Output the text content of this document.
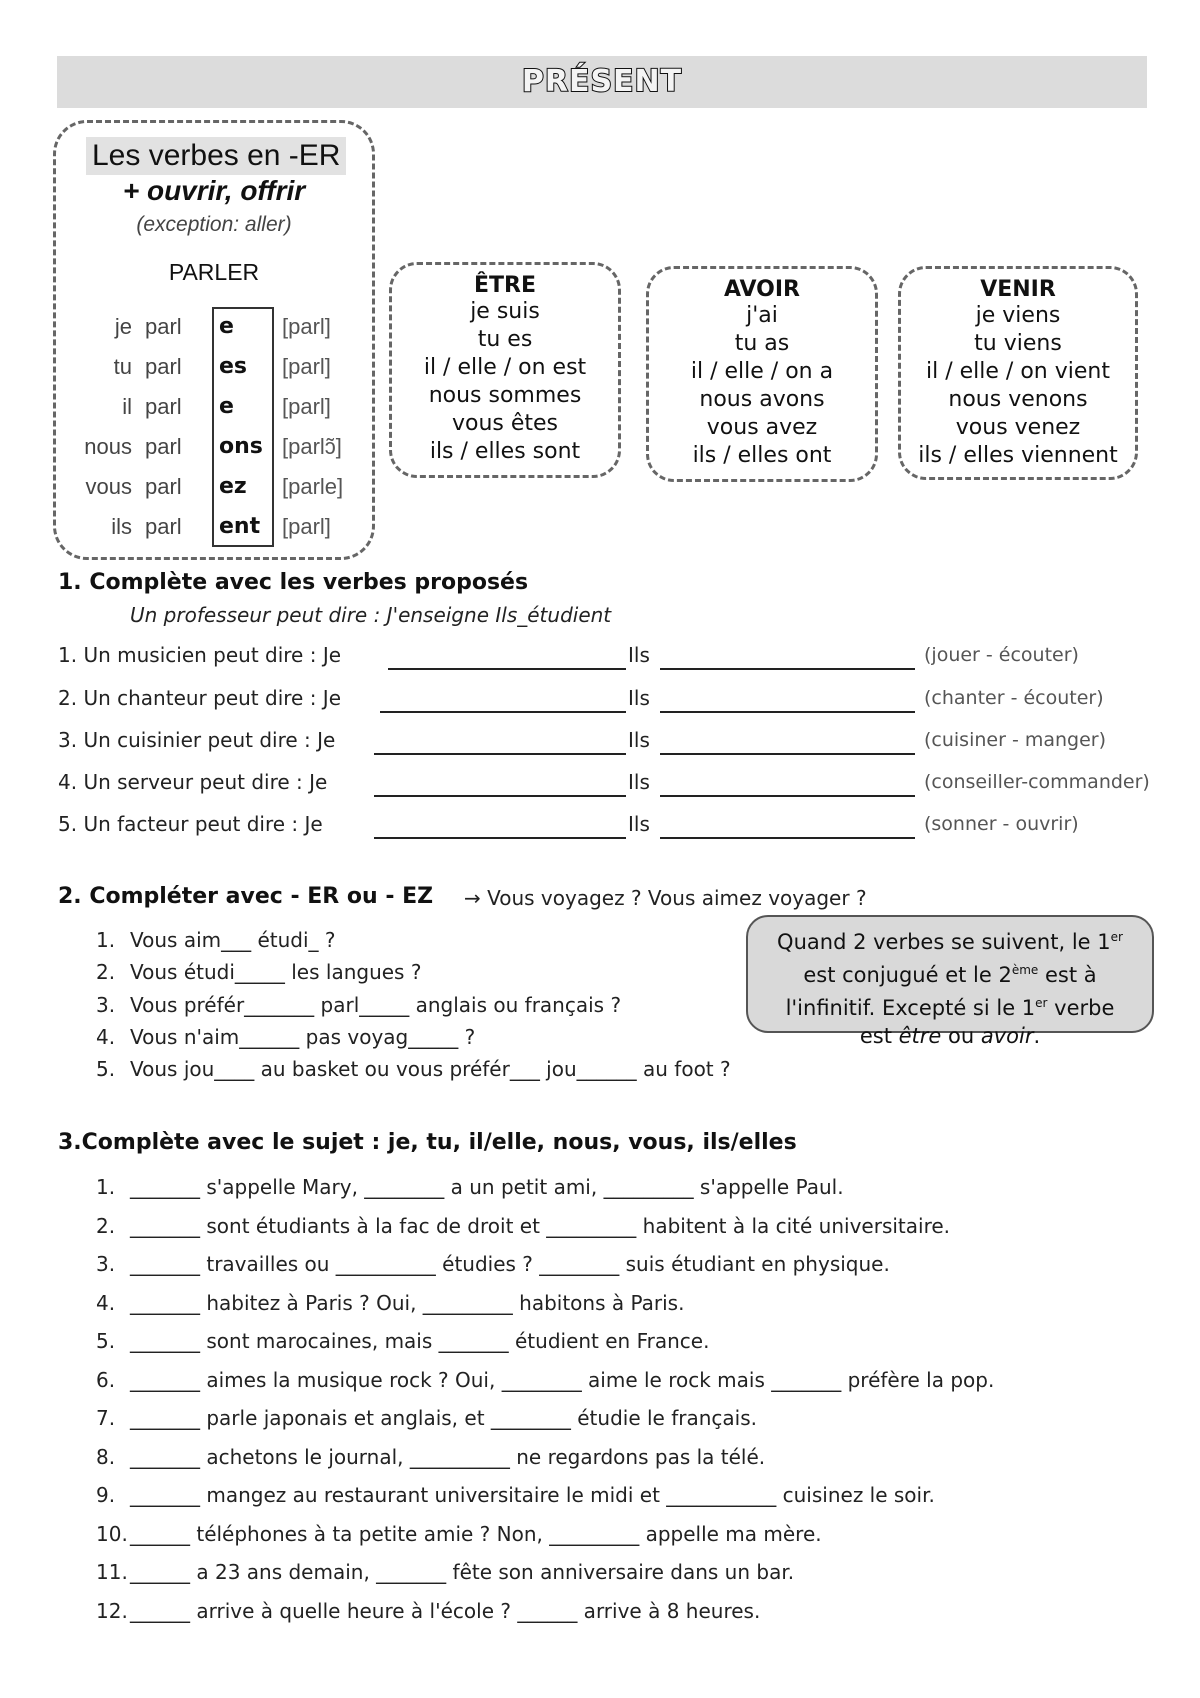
PRÉSENT
Les verbes en -ER
+ ouvrir, offrir
(exception: aller)
PARLER
je parl e [parl]
tu parl es [parl]
il parl e [parl]
nous parl ons [parlɔ̃]
vous parl ez [parle]
ils parl ent [parl]
ÊTRE
je suis
tu es
il / elle / on est
nous sommes
vous êtes
ils / elles sont
AVOIR
j'ai
tu as
il / elle / on a
nous avons
vous avez
ils / elles ont
VENIR
je viens
tu viens
il / elle / on vient
nous venons
vous venez
ils / elles viennent
1. Complète avec les verbes proposés
Un professeur peut dire : J'enseigne Ils_étudient
1. Un musicien peut dire : Je	Ils	(jouer - écouter)
2. Un chanteur peut dire : Je	Ils	(chanter - écouter)
3. Un cuisinier peut dire : Je	Ils	(cuisiner - manger)
4. Un serveur peut dire : Je	Ils	(conseiller-commander)
5. Un facteur peut dire : Je	Ils	(sonner - ouvrir)
2. Compléter avec - ER ou - EZ → Vous voyagez ? Vous aimez voyager ?
1. Vous aim___ étudi_ ?
2. Vous étudi_____ les langues ?
3. Vous préfér_______ parl_____ anglais ou français ?
4. Vous n'aim______ pas voyag_____ ?
5. Vous jou____ au basket ou vous préfér___ jou______ au foot ?
Quand 2 verbes se suivent, le 1er
est conjugué et le 2ème est à
l'infinitif. Excepté si le 1er verbe
est être ou avoir.
3.Complète avec le sujet : je, tu, il/elle, nous, vous, ils/elles
1. _______ s'appelle Mary, ________ a un petit ami, _________ s'appelle Paul.
2. _______ sont étudiants à la fac de droit et _________ habitent à la cité universitaire.
3. _______ travailles ou __________ étudies ? ________ suis étudiant en physique.
4. _______ habitez à Paris ? Oui, _________ habitons à Paris.
5. _______ sont marocaines, mais _______ étudient en France.
6. _______ aimes la musique rock ? Oui, ________ aime le rock mais _______ préfère la pop.
7. _______ parle japonais et anglais, et ________ étudie le français.
8. _______ achetons le journal, __________ ne regardons pas la télé.
9. _______ mangez au restaurant universitaire le midi et ___________ cuisinez le soir.
10. ______ téléphones à ta petite amie ? Non, _________ appelle ma mère.
11. ______ a 23 ans demain, _______ fête son anniversaire dans un bar.
12. ______ arrive à quelle heure à l'école ? ______ arrive à 8 heures.
